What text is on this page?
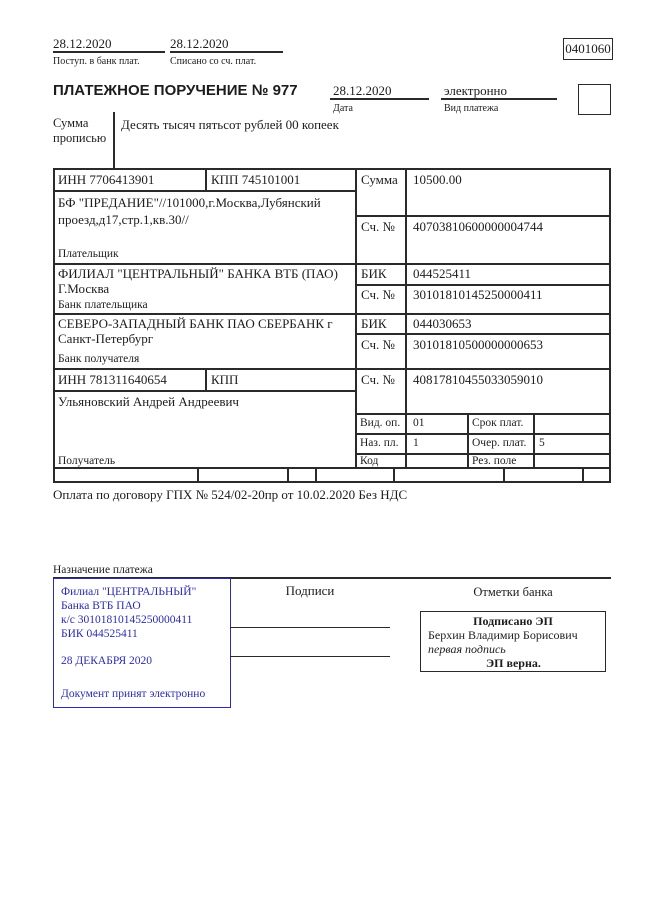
28.12.2020
Поступ. в банк плат.
28.12.2020
Списано со сч. плат.
0401060
ПЛАТЕЖНОЕ ПОРУЧЕНИЕ № 977	28.12.2020
Дата
электронно
Вид платежа
Сумма прописью
Десять тысяч пятьсот рублей 00 копеек
ИНН 7706413901	КПП 745101001	Сумма 10500.00
БФ "ПРЕДАНИЕ"//101000,г.Москва,Лубянский проезд,д17,стр.1,кв.30//	Сч. № 40703810600000004744
Плательщик
ФИЛИАЛ "ЦЕНТРАЛЬНЫЙ" БАНКА ВТБ (ПАО) Г.Москва
БИК 044525411
Сч. № 30101810145250000411
Банк плательщика
СЕВЕРО-ЗАПАДНЫЙ БАНК ПАО СБЕРБАНК г Санкт-Петербург
БИК 044030653
Сч. № 30101810500000000653
Банк получателя
ИНН 781311640654	КПП	Сч. № 40817810455033059010
Ульяновский Андрей Андреевич
Получатель
Вид. оп. 01	Срок плат.
Наз. пл. 1	Очер. плат. 5
Код	Рез. поле
Оплата по договору ГПХ № 524/02-20пр от 10.02.2020 Без НДС
Назначение платежа
Филиал "ЦЕНТРАЛЬНЫЙ" Банка ВТБ ПАО
к/с 30101810145250000411
БИК 044525411
28 ДЕКАБРЯ 2020
Документ принят электронно
Подписи	Отметки банка
Подписано ЭП
Берхин Владимир Борисович
первая подпись
ЭП верна.
